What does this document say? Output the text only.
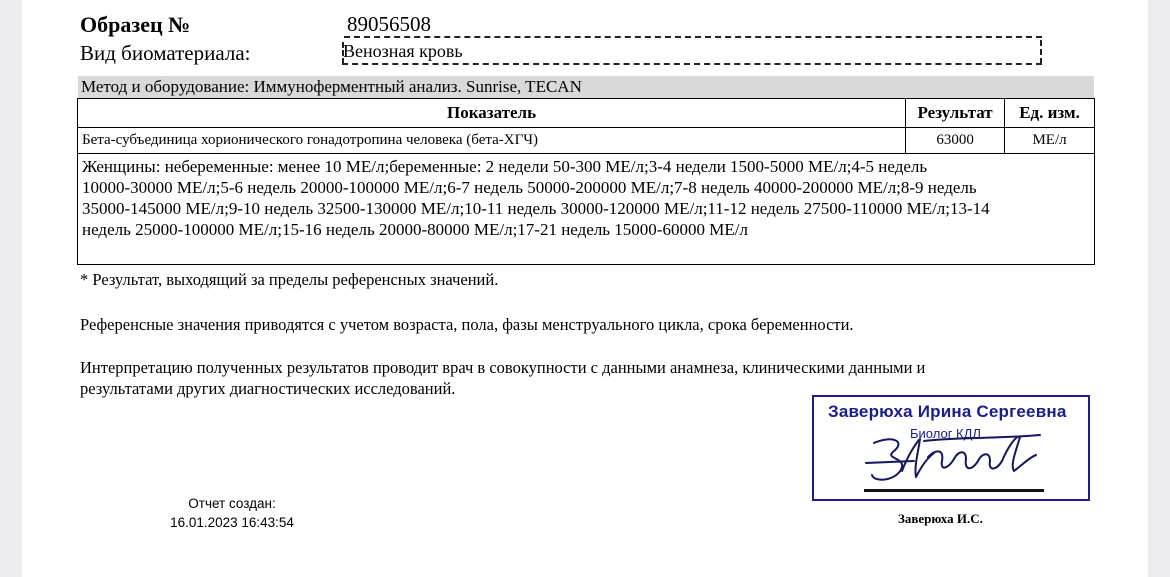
Образец №	89056508
Вид биоматериала:	Венозная кровь
Метод и оборудование: Иммуноферментный анализ. Sunrise, TECAN
Показатель	Результат	Ед. изм.
Бета-субъединица хорионического гонадотропина человека (бета-ХГЧ)	63000	МЕ/л

Женщины: небеременные: менее 10 МЕ/л;беременные: 2 недели 50-300 МЕ/л;3-4 недели 1500-5000 МЕ/л;4-5 недель
10000-30000 МЕ/л;5-6 недель 20000-100000 МЕ/л;6-7 недель 50000-200000 МЕ/л;7-8 недель 40000-200000 МЕ/л;8-9 недель
35000-145000 МЕ/л;9-10 недель 32500-130000 МЕ/л;10-11 недель 30000-120000 МЕ/л;11-12 недель 27500-110000 МЕ/л;13-14
недель 25000-100000 МЕ/л;15-16 недель 20000-80000 МЕ/л;17-21 недель 15000-60000 МЕ/л		
* Результат, выходящий за пределы референсных значений.
Референсные значения приводятся с учетом возраста, пола, фазы менструального цикла, срока беременности.
Интерпретацию полученных результатов проводит врач в совокупности с данными анамнеза, клиническими данными и
результатами других диагностических исследований.
Заверюха Ирина Сергеевна
Биолог КДЛ
Заверюха И.С.
Отчет создан:
16.01.2023 16:43:54
